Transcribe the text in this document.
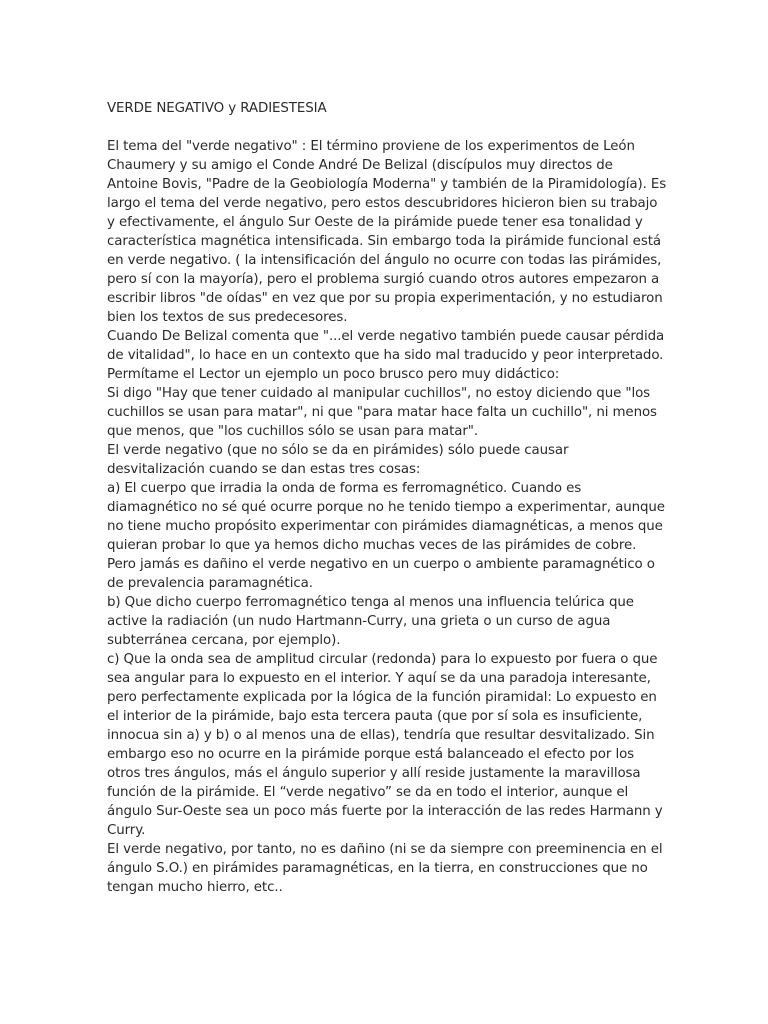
VERDE NEGATIVO y RADIESTESIA

El tema del "verde negativo" : El término proviene de los experimentos de León Chaumery y su amigo el Conde André De Belizal (discípulos muy directos de Antoine Bovis, "Padre de la Geobiología Moderna" y también de la Piramidología). Es largo el tema del verde negativo, pero estos descubridores hicieron bien su trabajo y efectivamente, el ángulo Sur Oeste de la pirámide puede tener esa tonalidad y característica magnética intensificada. Sin embargo toda la pirámide funcional está en verde negativo. ( la intensificación del ángulo no ocurre con todas las pirámides, pero sí con la mayoría), pero el problema surgió cuando otros autores empezaron a escribir libros "de oídas" en vez que por su propia experimentación, y no estudiaron bien los textos de sus predecesores.

Cuando De Belizal comenta que "...el verde negativo también puede causar pérdida de vitalidad", lo hace en un contexto que ha sido mal traducido y peor interpretado.

Permítame el Lector un ejemplo un poco brusco pero muy didáctico:

Si digo "Hay que tener cuidado al manipular cuchillos", no estoy diciendo que "los cuchillos se usan para matar", ni que "para matar hace falta un cuchillo", ni menos que menos, que "los cuchillos sólo se usan para matar".

El verde negativo (que no sólo se da en pirámides) sólo puede causar desvitalización cuando se dan estas tres cosas:

a) El cuerpo que irradia la onda de forma es ferromagnético. Cuando es diamagnético no sé qué ocurre porque no he tenido tiempo a experimentar, aunque no tiene mucho propósito experimentar con pirámides diamagnéticas, a menos que quieran probar lo que ya hemos dicho muchas veces de las pirámides de cobre. Pero jamás es dañino el verde negativo en un cuerpo o ambiente paramagnético o de prevalencia paramagnética.

b) Que dicho cuerpo ferromagnético tenga al menos una influencia telúrica que active la radiación (un nudo Hartmann-Curry, una grieta o un curso de agua subterránea cercana, por ejemplo).

c) Que la onda sea de amplitud circular (redonda) para lo expuesto por fuera o que sea angular para lo expuesto en el interior. Y aquí se da una paradoja interesante, pero perfectamente explicada por la lógica de la función piramidal: Lo expuesto en el interior de la pirámide, bajo esta tercera pauta (que por sí sola es insuficiente, innocua sin a) y b) o al menos una de ellas), tendría que resultar desvitalizado. Sin embargo eso no ocurre en la pirámide porque está balanceado el efecto por los otros tres ángulos, más el ángulo superior y allí reside justamente la maravillosa función de la pirámide. El “verde negativo” se da en todo el interior, aunque el ángulo Sur-Oeste sea un poco más fuerte por la interacción de las redes Harmann y Curry.

El verde negativo, por tanto, no es dañino (ni se da siempre con preeminencia en el ángulo S.O.) en pirámides paramagnéticas, en la tierra, en construcciones que no tengan mucho hierro, etc..
